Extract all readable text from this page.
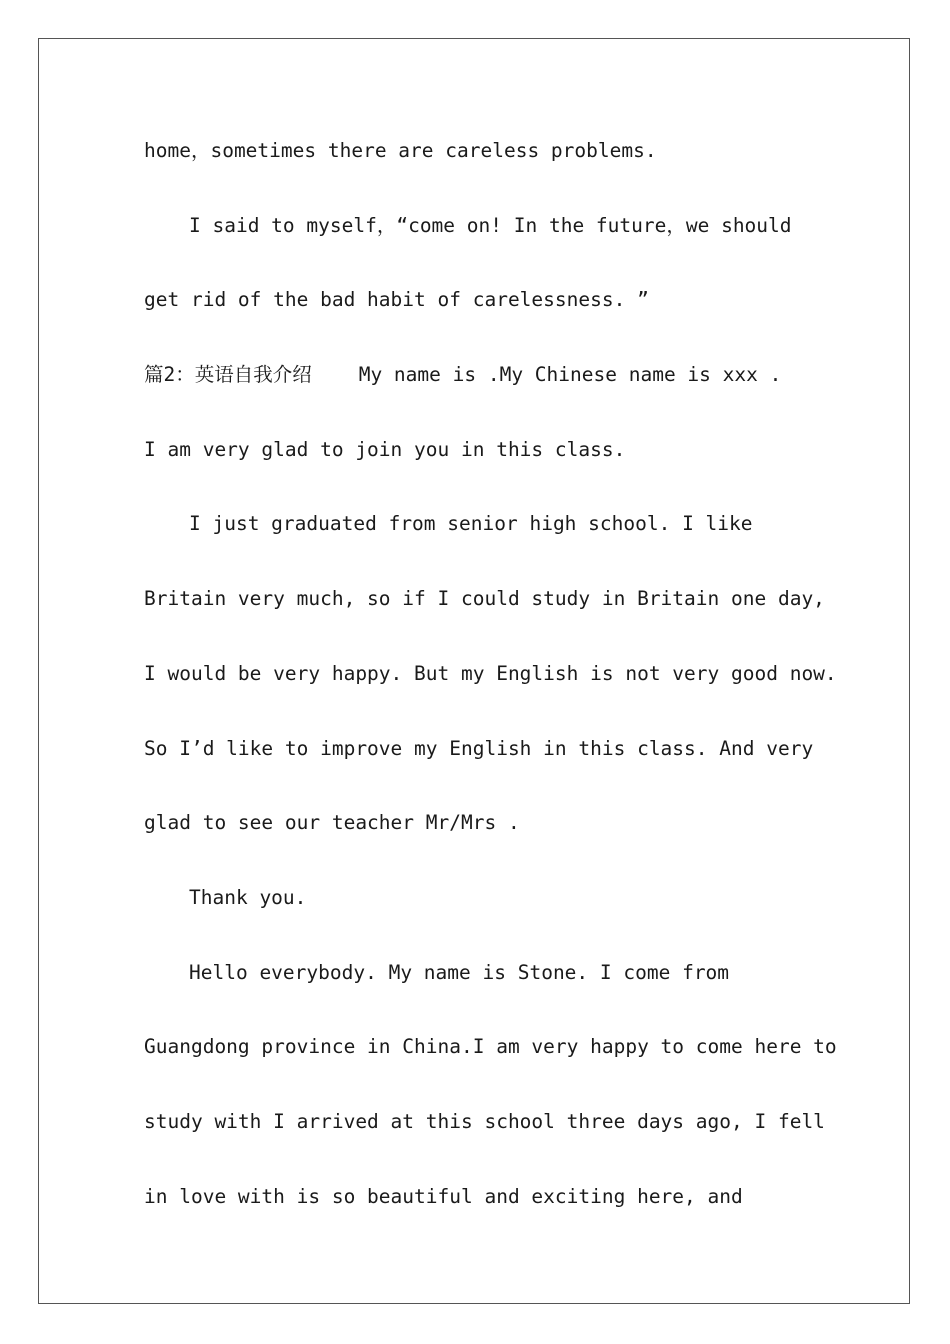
home，sometimes there are careless problems.
I said to myself，“come on! In the future，we should
get rid of the bad habit of carelessness. ”
篇2：英语自我介绍    My name is .My Chinese name is xxx .
I am very glad to join you in this class.
I just graduated from senior high school. I like
Britain very much, so if I could study in Britain one day,
I would be very happy. But my English is not very good now.
So I’d like to improve my English in this class. And very
glad to see our teacher Mr/Mrs .
Thank you.
Hello everybody. My name is Stone. I come from
Guangdong province in China.I am very happy to come here to
study with I arrived at this school three days ago, I fell
in love with is so beautiful and exciting here, and
